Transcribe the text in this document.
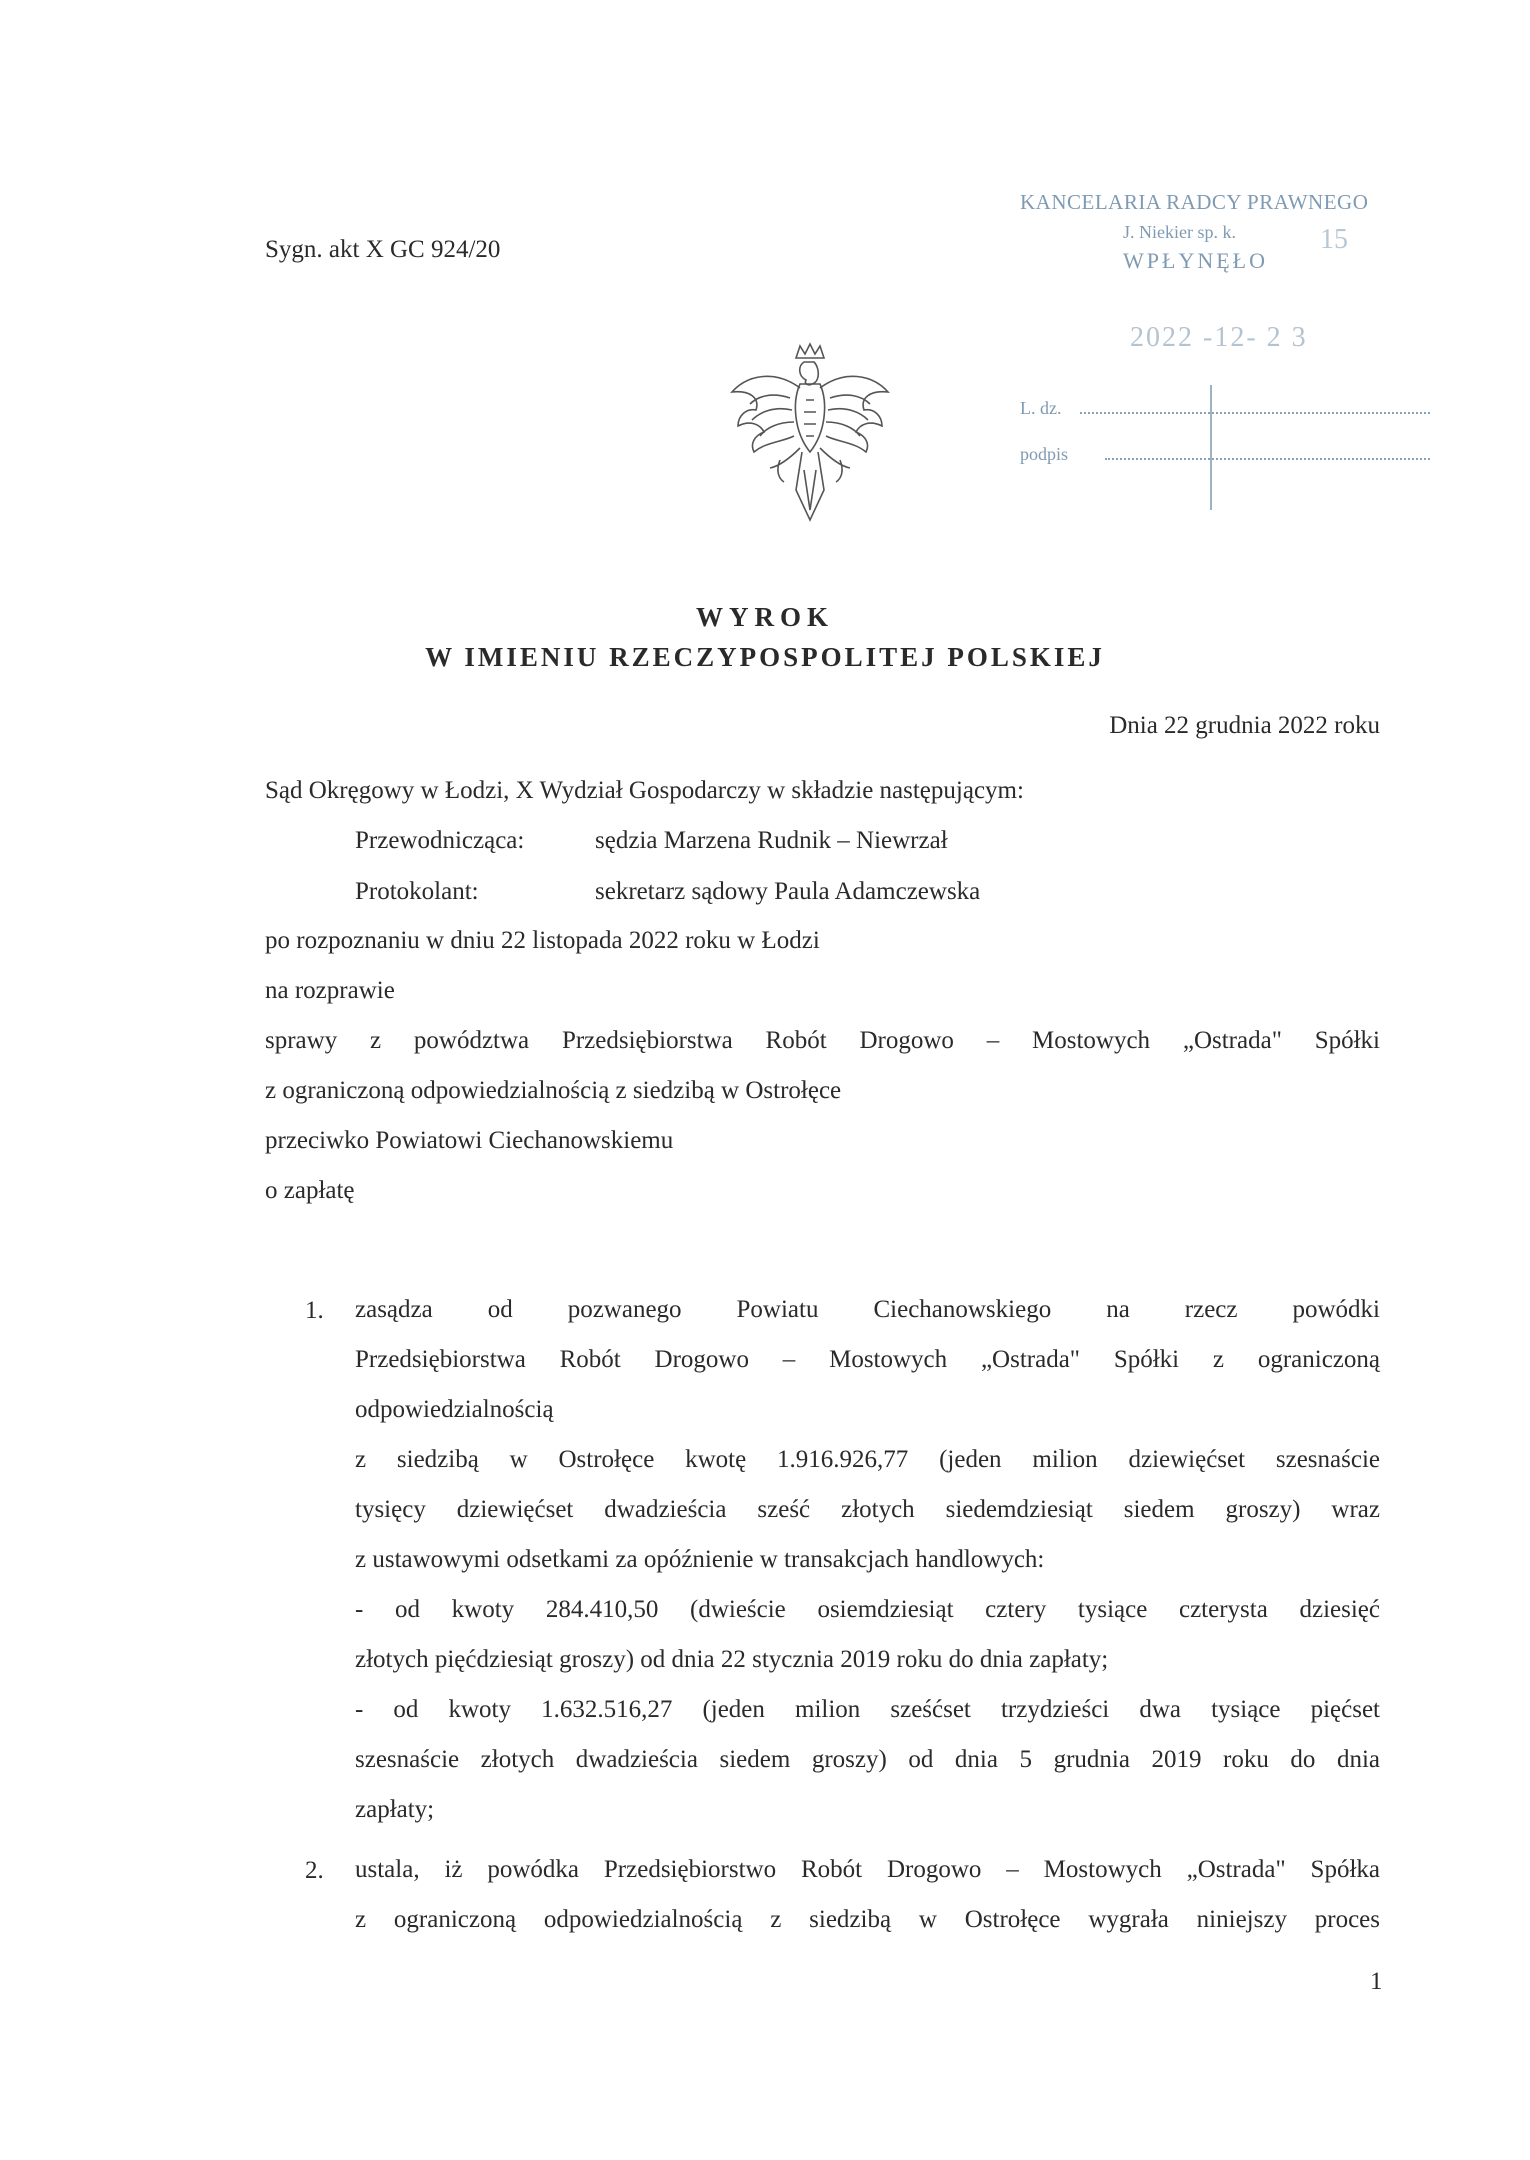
Sygn. akt X GC 924/20
KANCELARIA RADCY PRAWNEGO
J. Niekier sp. k.
WPŁYNĘŁO
15
2022 -12- 2 3
L. dz.
podpis
WYROK
W IMIENIU RZECZYPOSPOLITEJ POLSKIEJ
Dnia 22 grudnia 2022 roku
Sąd Okręgowy w Łodzi, X Wydział Gospodarczy w składzie następującym:
Przewodnicząca:	sędzia Marzena Rudnik – Niewrzał
Protokolant:	sekretarz sądowy Paula Adamczewska
po rozpoznaniu w dniu 22 listopada 2022 roku w Łodzi
na rozprawie
sprawy z powództwa Przedsiębiorstwa Robót Drogowo – Mostowych „Ostrada" Spółki
z ograniczoną odpowiedzialnością z siedzibą w Ostrołęce
przeciwko Powiatowi Ciechanowskiemu
o zapłatę
1. zasądza od pozwanego Powiatu Ciechanowskiego na rzecz powódki
Przedsiębiorstwa Robót Drogowo – Mostowych „Ostrada" Spółki z ograniczoną
odpowiedzialnością
z siedzibą w Ostrołęce kwotę 1.916.926,77 (jeden milion dziewięćset szesnaście
tysięcy dziewięćset dwadzieścia sześć złotych siedemdziesiąt siedem groszy) wraz
z ustawowymi odsetkami za opóźnienie w transakcjach handlowych:
- od kwoty 284.410,50 (dwieście osiemdziesiąt cztery tysiące czterysta dziesięć
złotych pięćdziesiąt groszy) od dnia 22 stycznia 2019 roku do dnia zapłaty;
- od kwoty 1.632.516,27 (jeden milion sześćset trzydzieści dwa tysiące pięćset
szesnaście złotych dwadzieścia siedem groszy) od dnia 5 grudnia 2019 roku do dnia
zapłaty;
2. ustala, iż powódka Przedsiębiorstwo Robót Drogowo – Mostowych „Ostrada" Spółka
z ograniczoną odpowiedzialnością z siedzibą w Ostrołęce wygrała niniejszy proces
1
